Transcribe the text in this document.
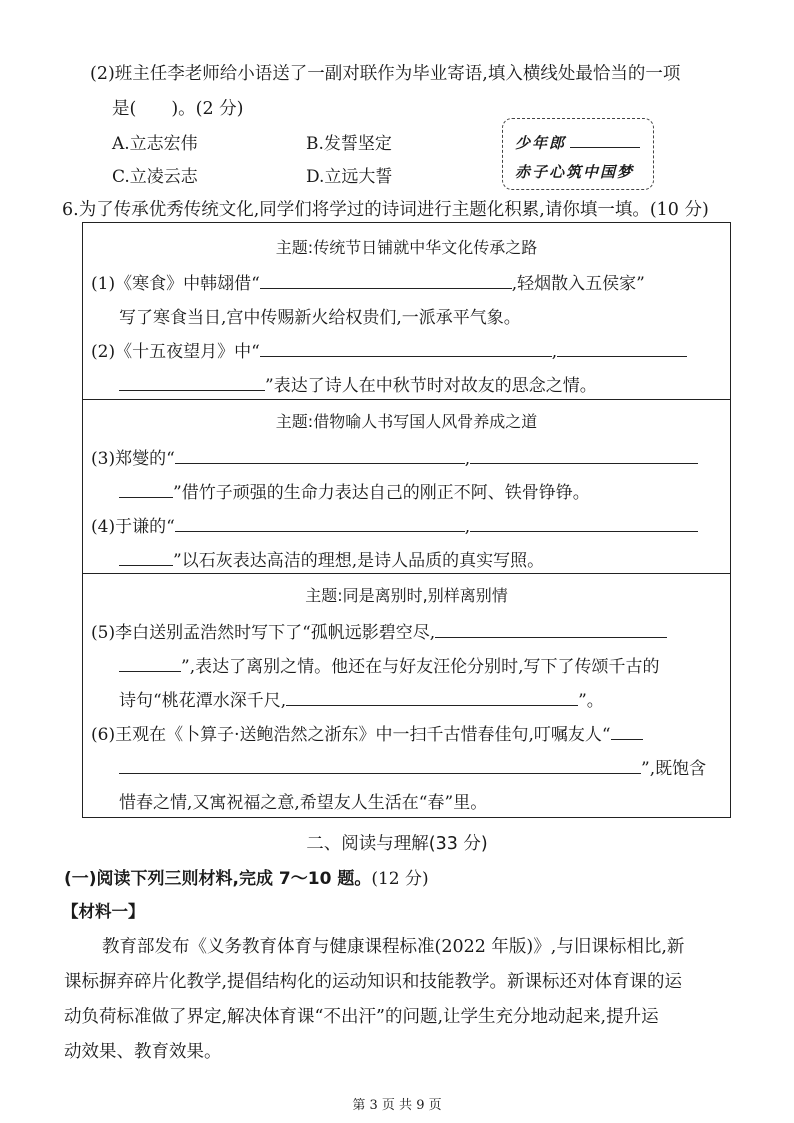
(2)班主任李老师给小语送了一副对联作为毕业寄语,填入横线处最恰当的一项
是(　　)。(2 分)
A.立志宏伟	B.发誓坚定
C.立凌云志	D.立远大誓
少年郎
赤子心筑中国梦
6.为了传承优秀传统文化,同学们将学过的诗词进行主题化积累,请你填一填。(10 分)
主题:传统节日铺就中华文化传承之路
(1)《寒食》中韩翃借“	,轻烟散入五侯家”
写了寒食当日,宫中传赐新火给权贵们,一派承平气象。
(2)《十五夜望月》中“	,
”表达了诗人在中秋节时对故友的思念之情。
主题:借物喻人书写国人风骨养成之道
(3)郑燮的“	,
”借竹子顽强的生命力表达自己的刚正不阿、铁骨铮铮。
(4)于谦的“	,
”以石灰表达高洁的理想,是诗人品质的真实写照。
主题:同是离别时,别样离别情
(5)李白送别孟浩然时写下了“孤帆远影碧空尽,
”,表达了离别之情。他还在与好友汪伦分别时,写下了传颂千古的
诗句“桃花潭水深千尺,	”。
(6)王观在《卜算子·送鲍浩然之浙东》中一扫千古惜春佳句,叮嘱友人“
”,既饱含
惜春之情,又寓祝福之意,希望友人生活在“春”里。
二、阅读与理解(33 分)
(一)阅读下列三则材料,完成 7～10 题。(12 分)
【材料一】
教育部发布《义务教育体育与健康课程标准(2022 年版)》,与旧课标相比,新
课标摒弃碎片化教学,提倡结构化的运动知识和技能教学。新课标还对体育课的运
动负荷标准做了界定,解决体育课“不出汗”的问题,让学生充分地动起来,提升运
动效果、教育效果。
第 3 页 共 9 页
